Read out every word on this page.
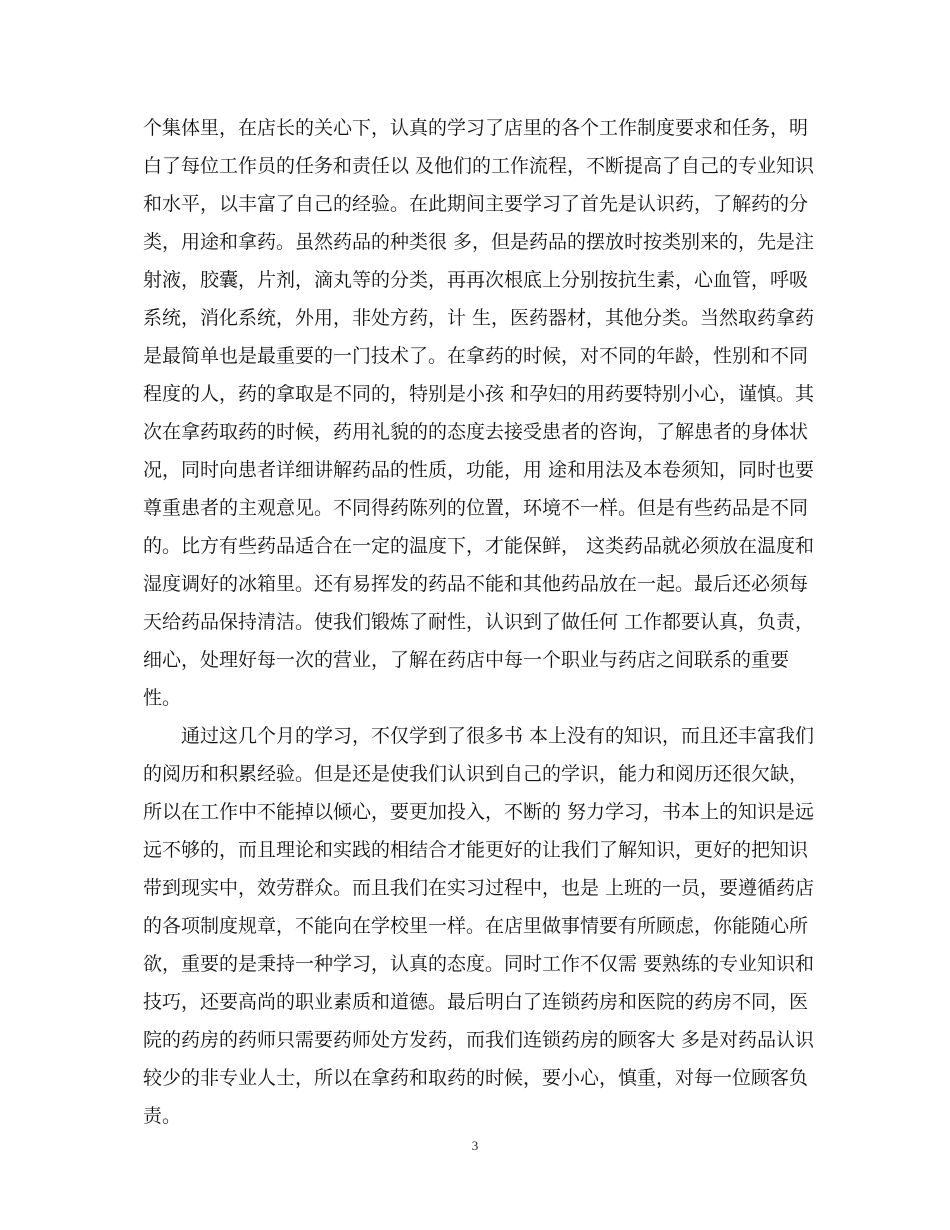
个集体里，在店长的关心下，认真的学习了店里的各个工作制度要求和任务，明
白了每位工作员的任务和责任以 及他们的工作流程，不断提高了自己的专业知识
和水平，以丰富了自己的经验。在此期间主要学习了首先是认识药，了解药的分
类，用途和拿药。虽然药品的种类很 多，但是药品的摆放时按类别来的，先是注
射液，胶囊，片剂，滴丸等的分类，再再次根底上分别按抗生素，心血管，呼吸
系统，消化系统，外用，非处方药，计 生，医药器材，其他分类。当然取药拿药
是最简单也是最重要的一门技术了。在拿药的时候，对不同的年龄，性别和不同
程度的人，药的拿取是不同的，特别是小孩 和孕妇的用药要特别小心，谨慎。其
次在拿药取药的时候，药用礼貌的的态度去接受患者的咨询，了解患者的身体状
况，同时向患者详细讲解药品的性质，功能，用 途和用法及本卷须知，同时也要
尊重患者的主观意见。不同得药陈列的位置，环境不一样。但是有些药品是不同
的。比方有些药品适合在一定的温度下，才能保鲜， 这类药品就必须放在温度和
湿度调好的冰箱里。还有易挥发的药品不能和其他药品放在一起。最后还必须每
天给药品保持清洁。使我们锻炼了耐性，认识到了做任何 工作都要认真，负责，
细心，处理好每一次的营业，了解在药店中每一个职业与药店之间联系的重要
性。
通过这几个月的学习，不仅学到了很多书 本上没有的知识，而且还丰富我们
的阅历和积累经验。但是还是使我们认识到自己的学识，能力和阅历还很欠缺，
所以在工作中不能掉以倾心，要更加投入，不断的 努力学习，书本上的知识是远
远不够的，而且理论和实践的相结合才能更好的让我们了解知识，更好的把知识
带到现实中，效劳群众。而且我们在实习过程中，也是 上班的一员，要遵循药店
的各项制度规章，不能向在学校里一样。在店里做事情要有所顾虑，你能随心所
欲，重要的是秉持一种学习，认真的态度。同时工作不仅需 要熟练的专业知识和
技巧，还要高尚的职业素质和道德。最后明白了连锁药房和医院的药房不同，医
院的药房的药师只需要药师处方发药，而我们连锁药房的顾客大 多是对药品认识
较少的非专业人士，所以在拿药和取药的时候，要小心，慎重，对每一位顾客负
责。
3
